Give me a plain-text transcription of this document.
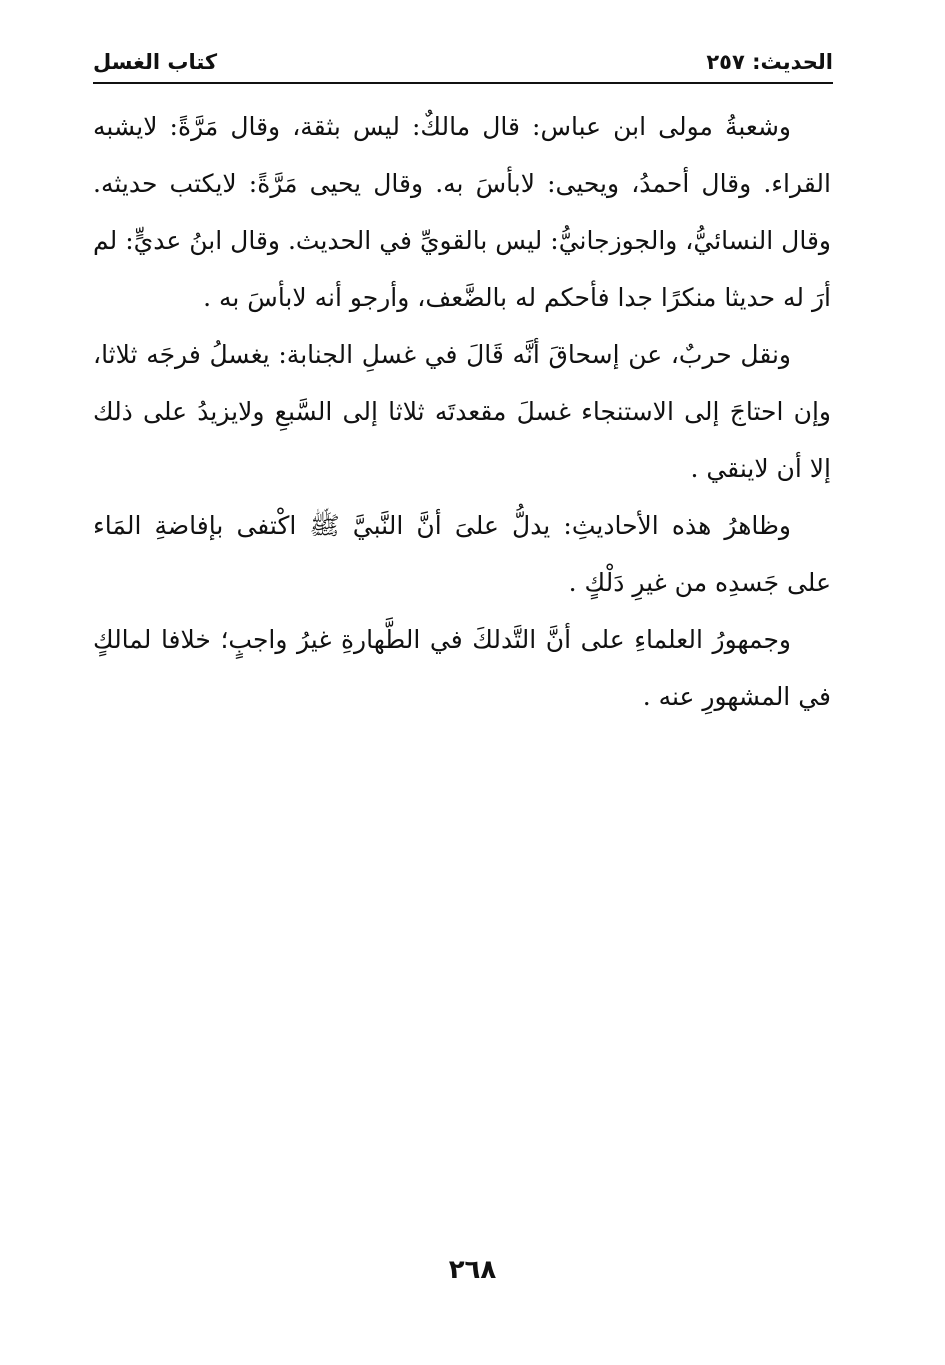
كتاب الغسل	الحديث: ٢٥٧

وشعبةُ مولى ابن عباس: قال مالكٌ: ليس بثقة، وقال مَرَّةً: لايشبه القراء. وقال أحمدُ، ويحيى: لابأسَ به. وقال يحيى مَرَّةً: لايكتب حديثه. وقال النسائيُّ، والجوزجانيُّ: ليس بالقويِّ في الحديث. وقال ابنُ عديٍّ: لم أرَ له حديثا منكرًا جدا فأحكم له بالضَّعف، وأرجو أنه لابأسَ به .

ونقل حربٌ، عن إسحاقَ أنَّه قَالَ في غسلِ الجنابة: يغسلُ فرجَه ثلاثا، وإن احتاجَ إلى الاستنجاء غسلَ مقعدتَه ثلاثا إلى السَّبعِ ولايزيدُ على ذلك إلا أن لاينقي .

وظاهرُ هذه الأحاديثِ: يدلُّ علىَ أنَّ النَّبيَّ ﷺ اكْتفى بإفاضةِ المَاء على جَسدِه من غيرِ دَلْكٍ .

وجمهورُ العلماءِ على أنَّ التَّدلكَ في الطَّهارةِ غيرُ واجبٍ؛ خلافا لمالكٍ في المشهورِ عنه .

٢٦٨
